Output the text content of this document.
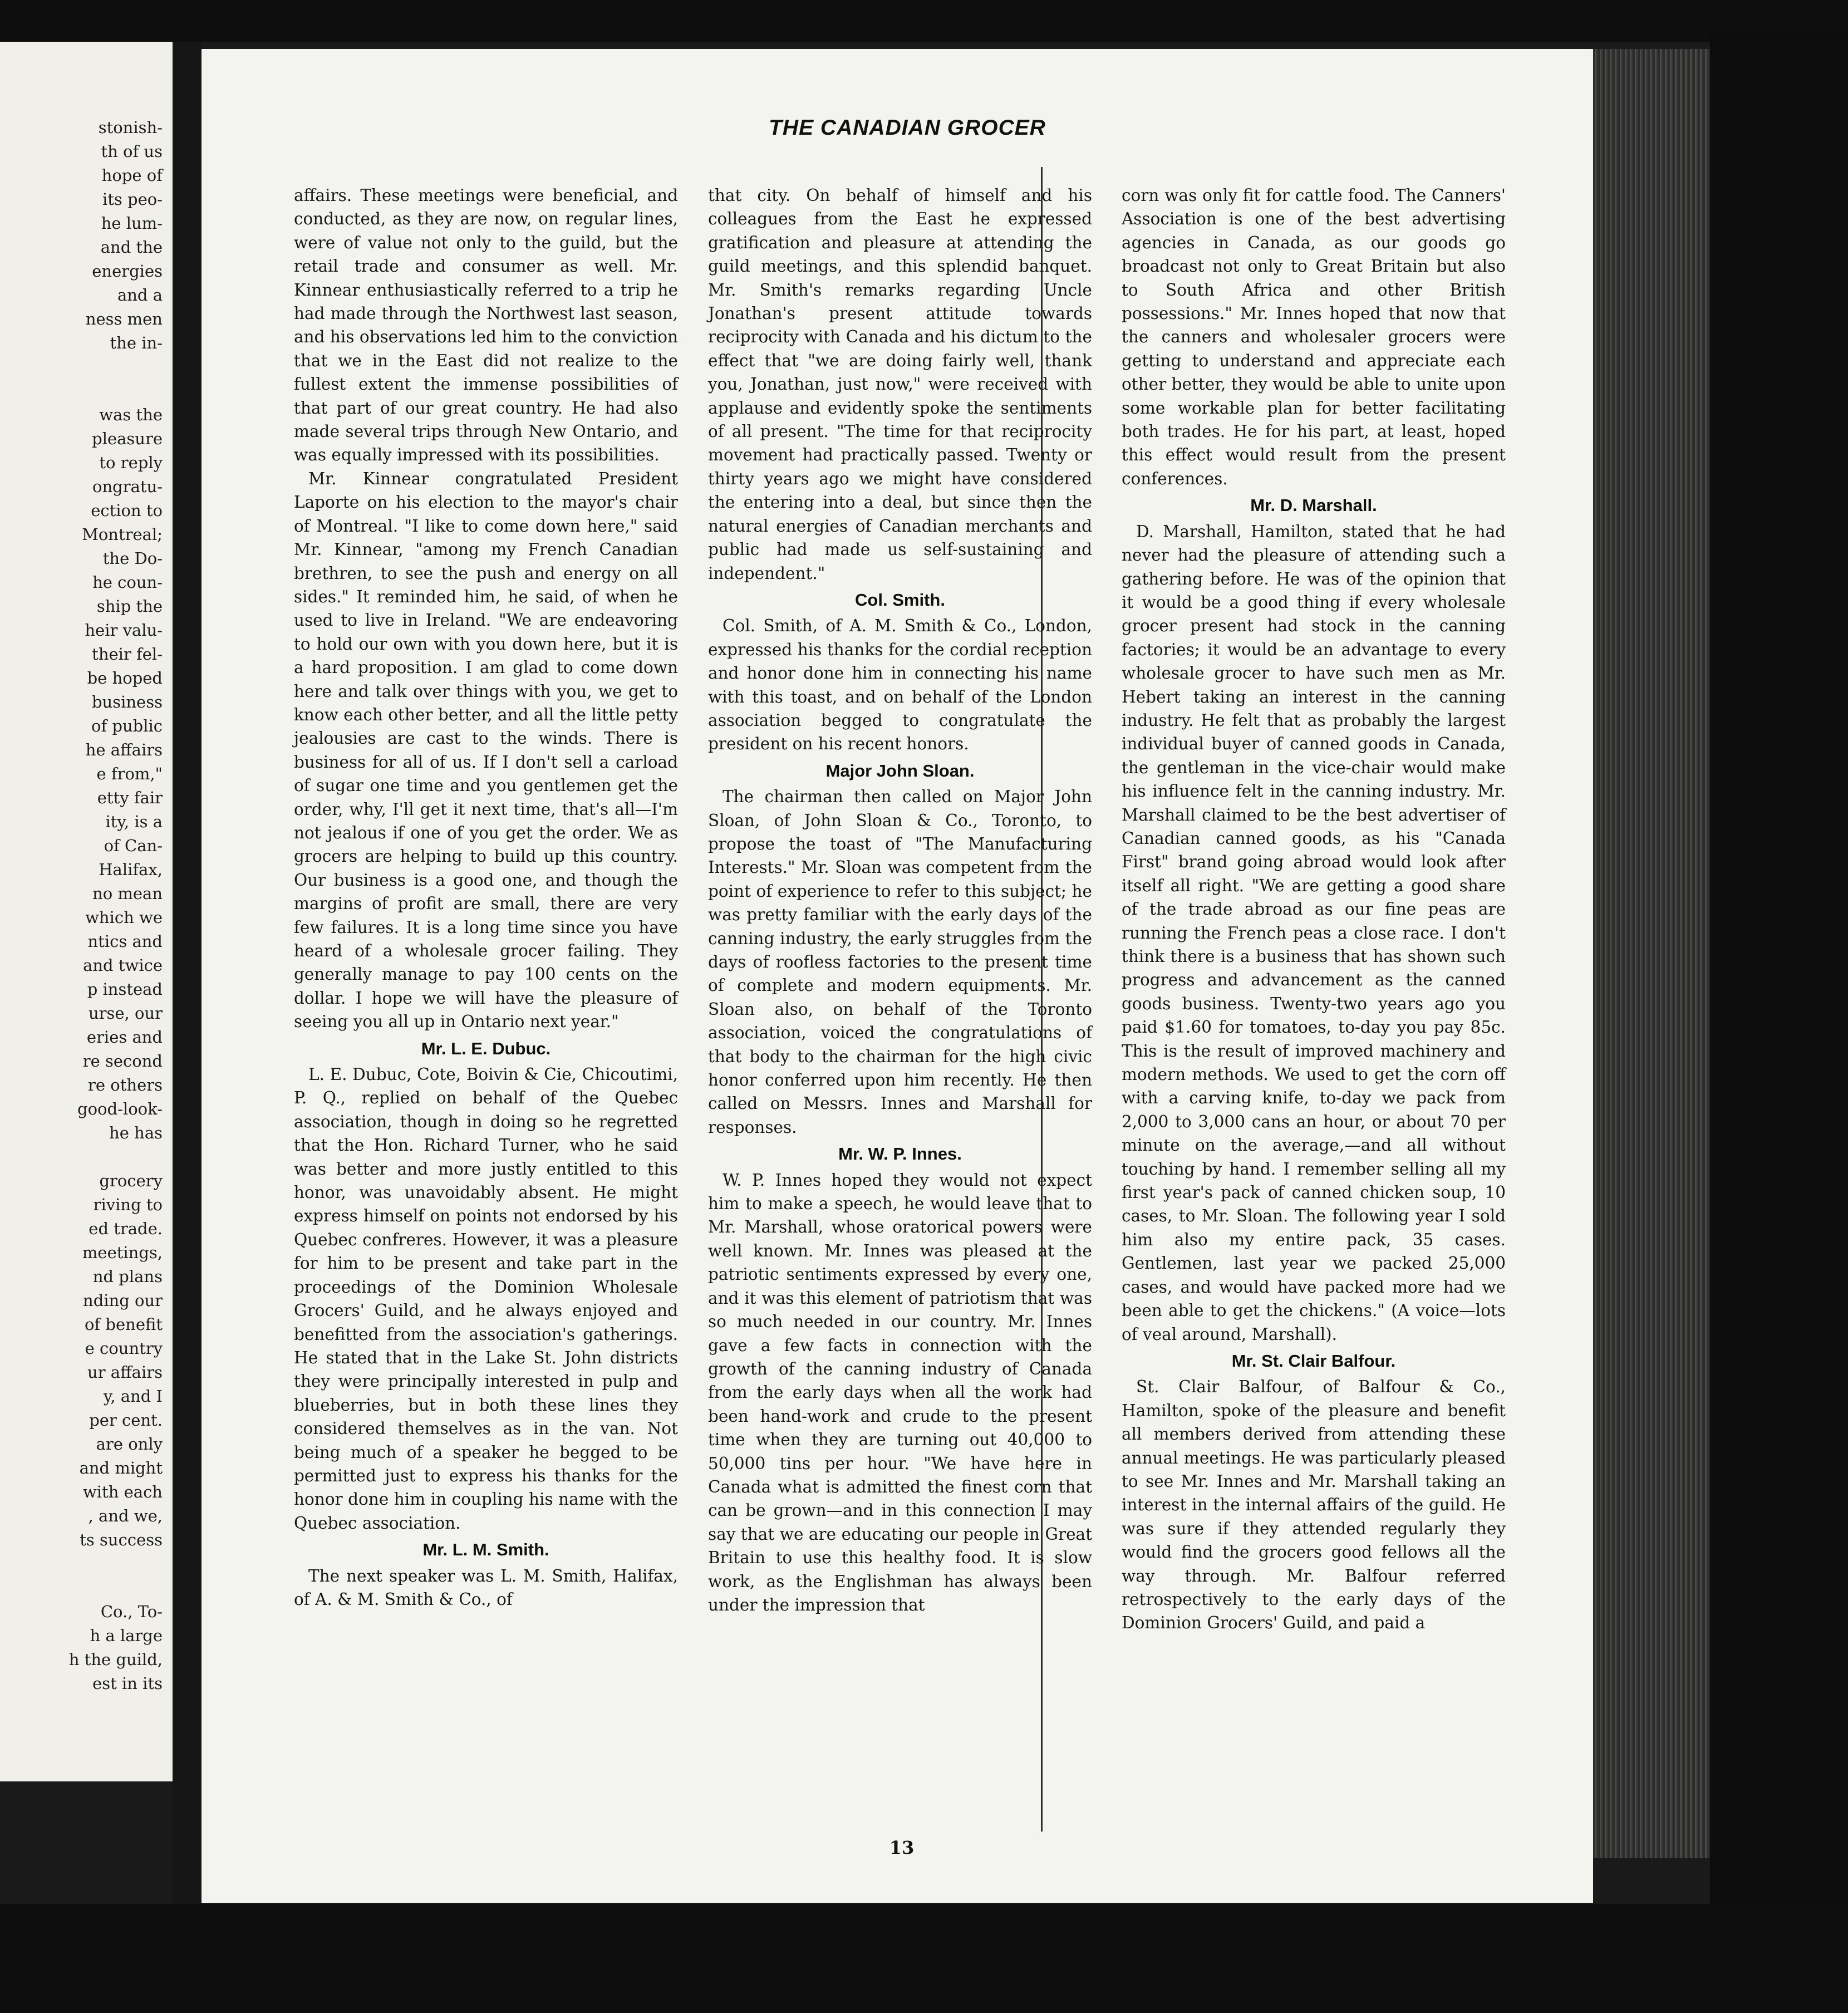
stonish-
th of us
hope of
its peo-
he lum-
and the
energies
and a
ness men
the in-
was the
pleasure
to reply
ongratu-
ection to
Montreal;
the Do-
he coun-
ship the
heir valu-
their fel-
be hoped
business
of public
he affairs
e from,"
etty fair
ity, is a
of Can-
Halifax,
no mean
which we
ntics and
and twice
p instead
urse, our
eries and
re second
re others
good-look-
he has
grocery
riving to
ed trade.
meetings,
nd plans
nding our
of benefit
e country
ur affairs
y, and I
per cent.
are only
and might
with each
, and we,
ts success
Co., To-
h a large
h the guild,
est in its
THE CANADIAN GROCER

affairs. These meetings were beneficial, and conducted, as they are now, on regular lines, were of value not only to the guild, but the retail trade and consumer as well. Mr. Kinnear enthusiastically referred to a trip he had made through the Northwest last season, and his observations led him to the conviction that we in the East did not realize to the fullest extent the immense possibilities of that part of our great country. He had also made several trips through New Ontario, and was equally impressed with its possibilities.

Mr. Kinnear congratulated President Laporte on his election to the mayor's chair of Montreal. "I like to come down here," said Mr. Kinnear, "among my French Canadian brethren, to see the push and energy on all sides." It reminded him, he said, of when he used to live in Ireland. "We are endeavoring to hold our own with you down here, but it is a hard proposition. I am glad to come down here and talk over things with you, we get to know each other better, and all the little petty jealousies are cast to the winds. There is business for all of us. If I don't sell a carload of sugar one time and you gentlemen get the order, why, I'll get it next time, that's all—I'm not jealous if one of you get the order. We as grocers are helping to build up this country. Our business is a good one, and though the margins of profit are small, there are very few failures. It is a long time since you have heard of a wholesale grocer failing. They generally manage to pay 100 cents on the dollar. I hope we will have the pleasure of seeing you all up in Ontario next year."

Mr. L. E. Dubuc.

L. E. Dubuc, Cote, Boivin & Cie, Chicoutimi, P. Q., replied on behalf of the Quebec association, though in doing so he regretted that the Hon. Richard Turner, who he said was better and more justly entitled to this honor, was unavoidably absent. He might express himself on points not endorsed by his Quebec confreres. However, it was a pleasure for him to be present and take part in the proceedings of the Dominion Wholesale Grocers' Guild, and he always enjoyed and benefitted from the association's gatherings. He stated that in the Lake St. John districts they were principally interested in pulp and blueberries, but in both these lines they considered themselves as in the van. Not being much of a speaker he begged to be permitted just to express his thanks for the honor done him in coupling his name with the Quebec association.

Mr. L. M. Smith.

The next speaker was L. M. Smith, Halifax, of A. & M. Smith & Co., of

that city. On behalf of himself and his colleagues from the East he expressed gratification and pleasure at attending the guild meetings, and this splendid banquet. Mr. Smith's remarks regarding Uncle Jonathan's present attitude towards reciprocity with Canada and his dictum to the effect that "we are doing fairly well, thank you, Jonathan, just now," were received with applause and evidently spoke the sentiments of all present. "The time for that reciprocity movement had practically passed. Twenty or thirty years ago we might have considered the entering into a deal, but since then the natural energies of Canadian merchants and public had made us self-sustaining and independent."

Col. Smith.

Col. Smith, of A. M. Smith & Co., London, expressed his thanks for the cordial reception and honor done him in connecting his name with this toast, and on behalf of the London association begged to congratulate the president on his recent honors.

Major John Sloan.

The chairman then called on Major John Sloan, of John Sloan & Co., Toronto, to propose the toast of "The Manufacturing Interests." Mr. Sloan was competent from the point of experience to refer to this subject; he was pretty familiar with the early days of the canning industry, the early struggles from the days of roofless factories to the present time of complete and modern equipments. Mr. Sloan also, on behalf of the Toronto association, voiced the congratulations of that body to the chairman for the high civic honor conferred upon him recently. He then called on Messrs. Innes and Marshall for responses.

Mr. W. P. Innes.

W. P. Innes hoped they would not expect him to make a speech, he would leave that to Mr. Marshall, whose oratorical powers were well known. Mr. Innes was pleased at the patriotic sentiments expressed by every one, and it was this element of patriotism that was so much needed in our country. Mr. Innes gave a few facts in connection with the growth of the canning industry of Canada from the early days when all the work had been hand-work and crude to the present time when they are turning out 40,000 to 50,000 tins per hour. "We have here in Canada what is admitted the finest corn that can be grown—and in this connection I may say that we are educating our people in Great Britain to use this healthy food. It is slow work, as the Englishman has always been under the impression that

corn was only fit for cattle food. The Canners' Association is one of the best advertising agencies in Canada, as our goods go broadcast not only to Great Britain but also to South Africa and other British possessions." Mr. Innes hoped that now that the canners and wholesaler grocers were getting to understand and appreciate each other better, they would be able to unite upon some workable plan for better facilitating both trades. He for his part, at least, hoped this effect would result from the present conferences.

Mr. D. Marshall.

D. Marshall, Hamilton, stated that he had never had the pleasure of attending such a gathering before. He was of the opinion that it would be a good thing if every wholesale grocer present had stock in the canning factories; it would be an advantage to every wholesale grocer to have such men as Mr. Hebert taking an interest in the canning industry. He felt that as probably the largest individual buyer of canned goods in Canada, the gentleman in the vice-chair would make his influence felt in the canning industry. Mr. Marshall claimed to be the best advertiser of Canadian canned goods, as his "Canada First" brand going abroad would look after itself all right. "We are getting a good share of the trade abroad as our fine peas are running the French peas a close race. I don't think there is a business that has shown such progress and advancement as the canned goods business. Twenty-two years ago you paid $1.60 for tomatoes, to-day you pay 85c. This is the result of improved machinery and modern methods. We used to get the corn off with a carving knife, to-day we pack from 2,000 to 3,000 cans an hour, or about 70 per minute on the average,—and all without touching by hand. I remember selling all my first year's pack of canned chicken soup, 10 cases, to Mr. Sloan. The following year I sold him also my entire pack, 35 cases. Gentlemen, last year we packed 25,000 cases, and would have packed more had we been able to get the chickens." (A voice—lots of veal around, Marshall).

Mr. St. Clair Balfour.

St. Clair Balfour, of Balfour & Co., Hamilton, spoke of the pleasure and benefit all members derived from attending these annual meetings. He was particularly pleased to see Mr. Innes and Mr. Marshall taking an interest in the internal affairs of the guild. He was sure if they attended regularly they would find the grocers good fellows all the way through. Mr. Balfour referred retrospectively to the early days of the Dominion Grocers' Guild, and paid a

13
